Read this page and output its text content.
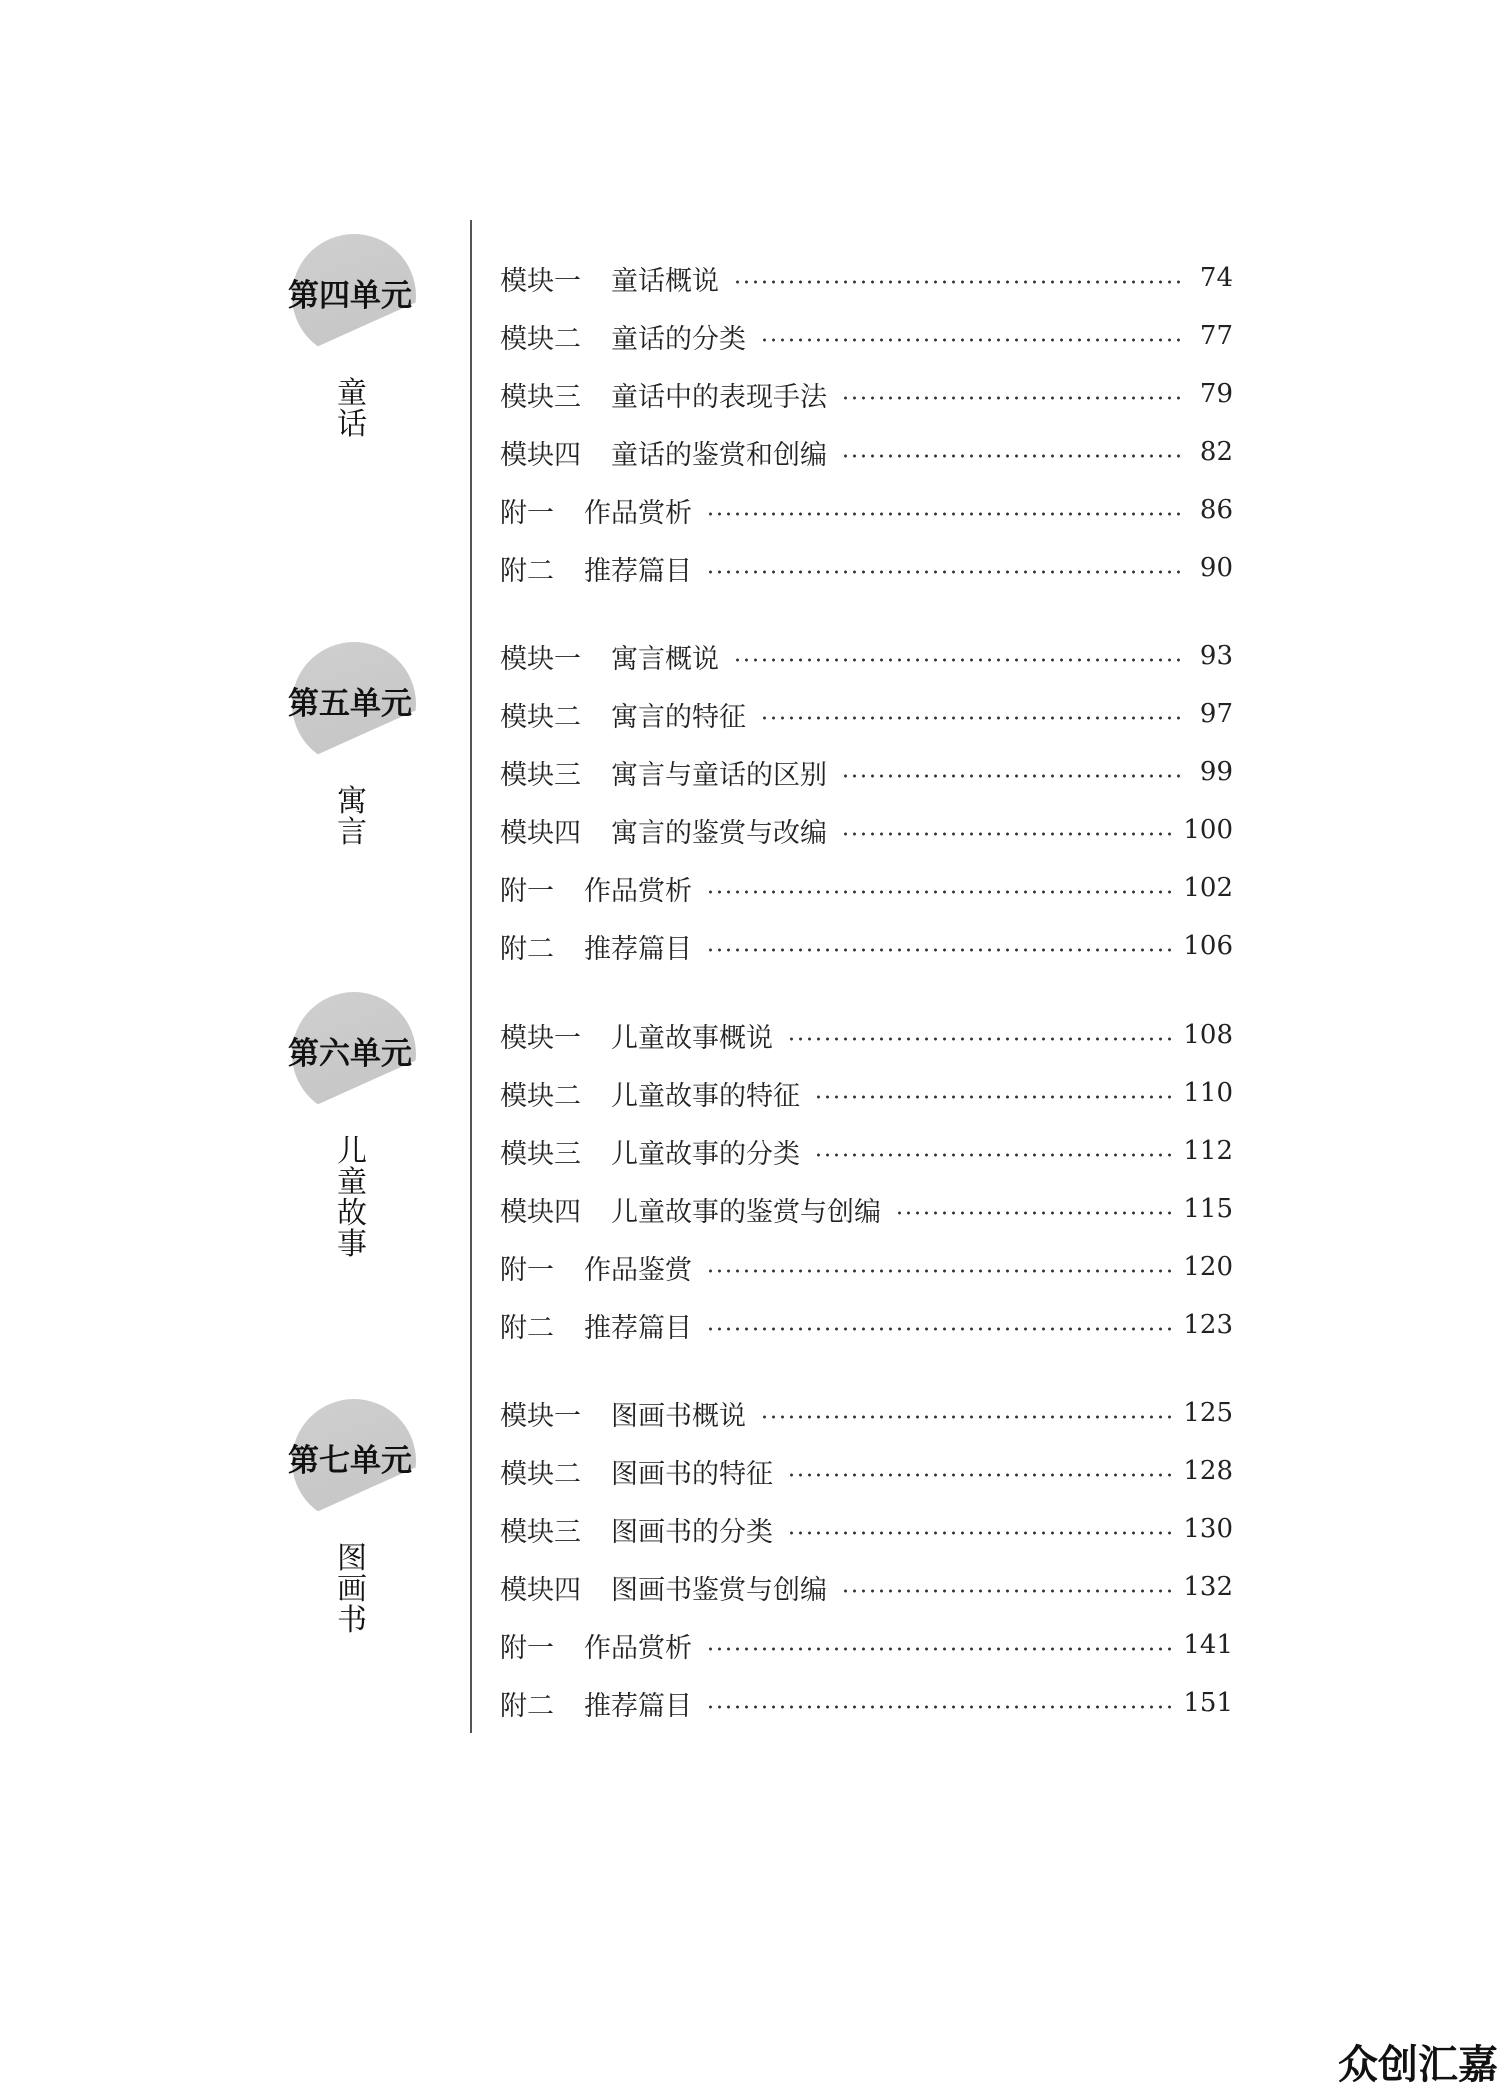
第四单元
童话
模块一 童话概说	74
模块二 童话的分类	77
模块三 童话中的表现手法	79
模块四 童话的鉴赏和创编	82
附一 作品赏析	86
附二 推荐篇目	90
第五单元
寓言
模块一 寓言概说	93
模块二 寓言的特征	97
模块三 寓言与童话的区别	99
模块四 寓言的鉴赏与改编	100
附一 作品赏析	102
附二 推荐篇目	106
第六单元
儿童故事
模块一 儿童故事概说	108
模块二 儿童故事的特征	110
模块三 儿童故事的分类	112
模块四 儿童故事的鉴赏与创编	115
附一 作品鉴赏	120
附二 推荐篇目	123
第七单元
图画书
模块一 图画书概说	125
模块二 图画书的特征	128
模块三 图画书的分类	130
模块四 图画书鉴赏与创编	132
附一 作品赏析	141
附二 推荐篇目	151
众创汇嘉
